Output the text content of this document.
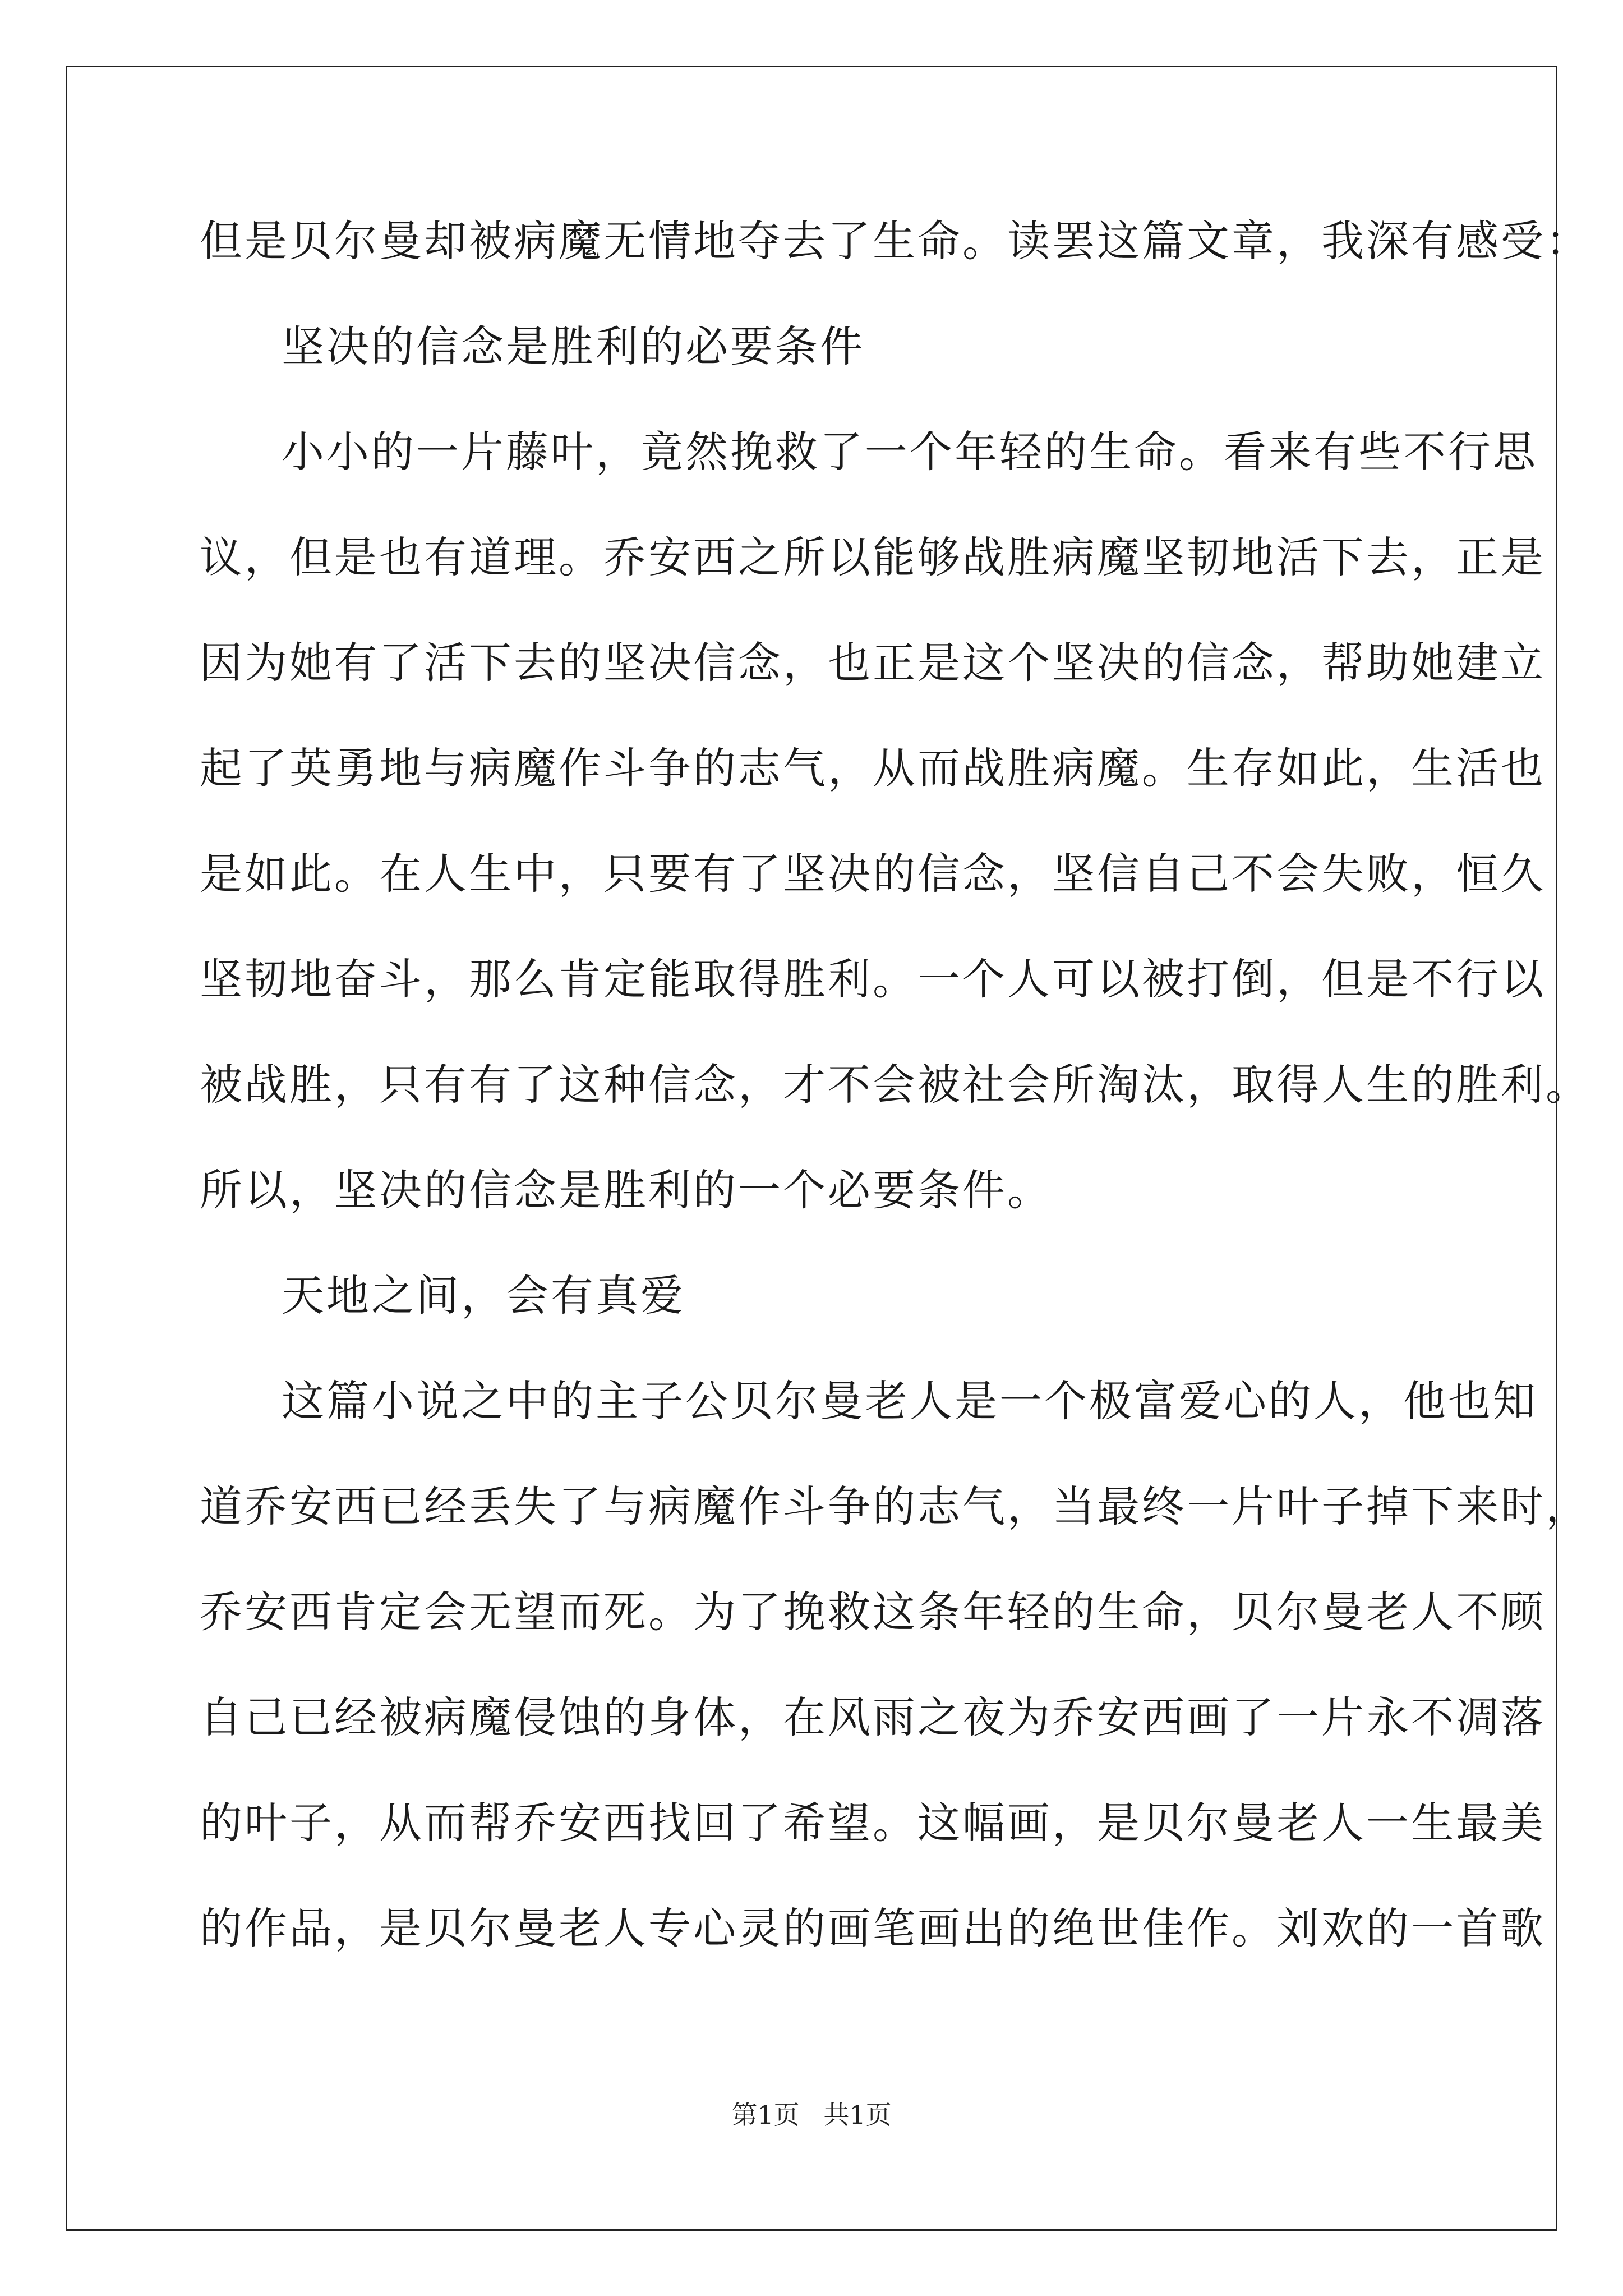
但是贝尔曼却被病魔无情地夺去了生命。读罢这篇文章，我深有感受：
坚决的信念是胜利的必要条件
小小的一片藤叶，竟然挽救了一个年轻的生命。看来有些不行思
议，但是也有道理。乔安西之所以能够战胜病魔坚韧地活下去，正是
因为她有了活下去的坚决信念，也正是这个坚决的信念，帮助她建立
起了英勇地与病魔作斗争的志气，从而战胜病魔。生存如此，生活也
是如此。在人生中，只要有了坚决的信念，坚信自己不会失败，恒久
坚韧地奋斗，那么肯定能取得胜利。一个人可以被打倒，但是不行以
被战胜，只有有了这种信念，才不会被社会所淘汰，取得人生的胜利。
所以，坚决的信念是胜利的一个必要条件。
天地之间，会有真爱
这篇小说之中的主子公贝尔曼老人是一个极富爱心的人，他也知
道乔安西已经丢失了与病魔作斗争的志气，当最终一片叶子掉下来时，
乔安西肯定会无望而死。为了挽救这条年轻的生命，贝尔曼老人不顾
自己已经被病魔侵蚀的身体，在风雨之夜为乔安西画了一片永不凋落
的叶子，从而帮乔安西找回了希望。这幅画，是贝尔曼老人一生最美
的作品，是贝尔曼老人专心灵的画笔画出的绝世佳作。刘欢的一首歌
第1页 共1页
